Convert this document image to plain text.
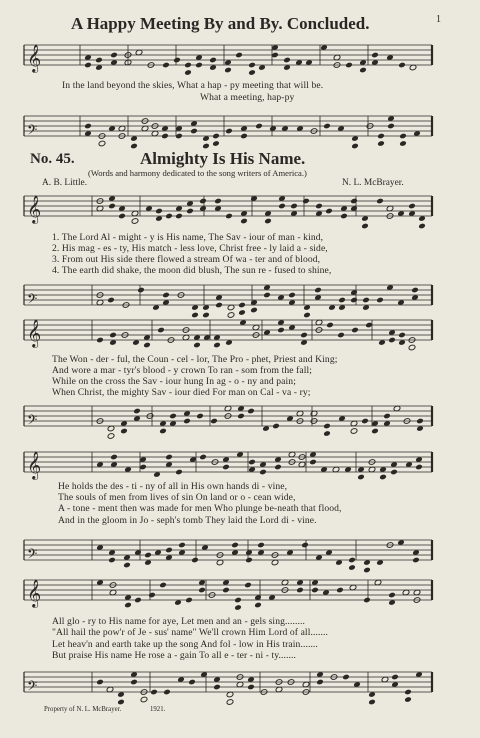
1
A Happy Meeting By and By. Concluded.
𝄞
𝄢
𝄞
𝄢
𝄞
𝄢
𝄞
𝄢
𝄞
𝄢
In the land beyond the skies, What a hap - py meeting that will be.
What a meeting, hap-py
No. 45.	Almighty Is His Name.
(Words and harmony dedicated to the song writers of America.)
A. B. Little.	N. L. McBrayer.
1. The Lord Al - might - y is His name, The Sav - iour of man - kind,
2. His mag - es - ty, His match - less love, Christ free - ly laid a - side,
3. From out His side there flowed a stream Of wa - ter and of blood,
4. The earth did shake, the moon did blush, The sun re - fused to shine,
The Won - der - ful, the Coun - cel - lor, The Pro - phet, Priest and King;
And wore a mar - tyr's blood - y crown To ran - som from the fall;
While on the cross the Sav - iour hung In ag - o - ny and pain;
When Christ, the mighty Sav - iour died For man on Cal - va - ry;
He holds the des - ti - ny of all in His own hands di - vine,
The souls of men from lives of sin On land or o - cean wide,
A - tone - ment then was made for men Who plunge be-neath that flood,
And in the gloom in Jo - seph's tomb They laid the Lord di - vine.
All glo - ry to His name for aye, Let men and an - gels sing........
"All hail the pow'r of Je - sus' name" We'll crown Him Lord of all.......
Let heav'n and earth take up the song And fol - low in His train.......
But praise His name He rose a - gain To all e - ter - ni - ty.......
Property of N. L. McBrayer.	1921.
